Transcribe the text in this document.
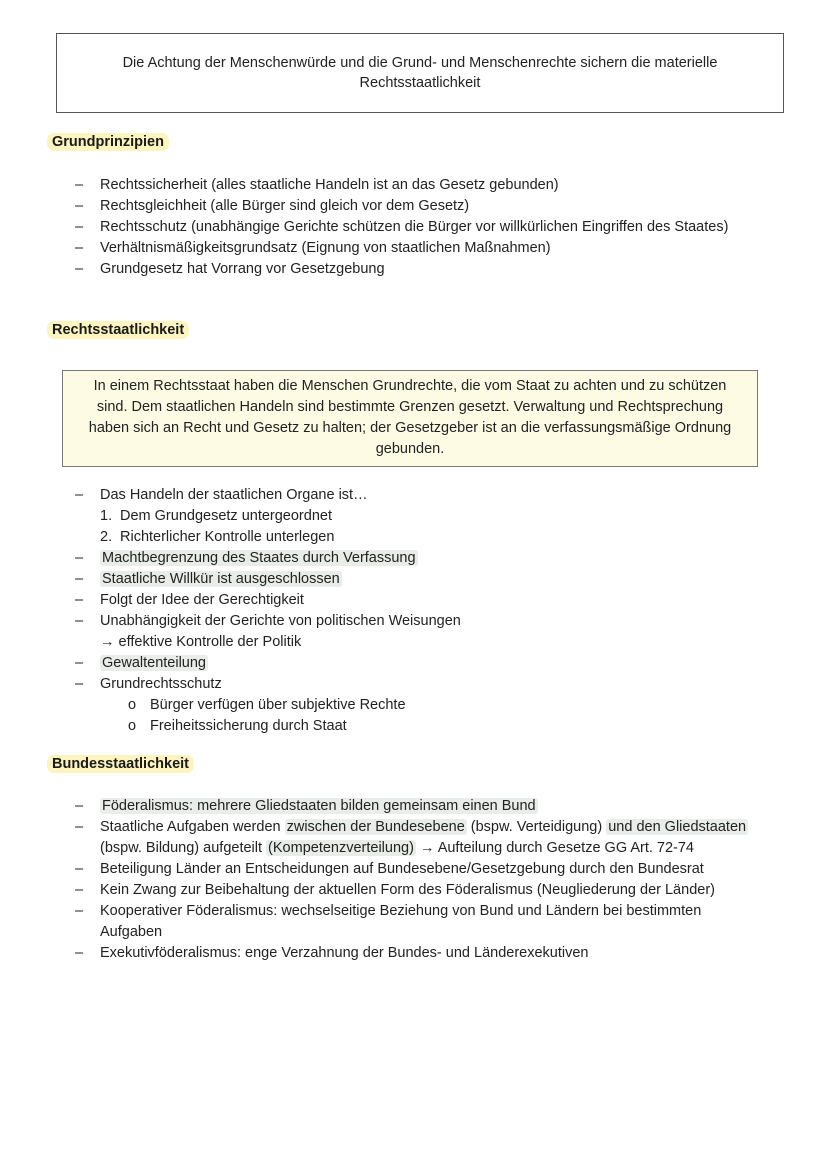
Die Achtung der Menschenwürde und die Grund- und Menschenrechte sichern die materielle
Rechtsstaatlichkeit
Grundprinzipien
– Rechtssicherheit (alles staatliche Handeln ist an das Gesetz gebunden)
– Rechtsgleichheit (alle Bürger sind gleich vor dem Gesetz)
– Rechtsschutz (unabhängige Gerichte schützen die Bürger vor willkürlichen Eingriffen des Staates)
– Verhältnismäßigkeitsgrundsatz (Eignung von staatlichen Maßnahmen)
– Grundgesetz hat Vorrang vor Gesetzgebung
Rechtsstaatlichkeit
In einem Rechtsstaat haben die Menschen Grundrechte, die vom Staat zu achten und zu schützen
sind. Dem staatlichen Handeln sind bestimmte Grenzen gesetzt. Verwaltung und Rechtsprechung
haben sich an Recht und Gesetz zu halten; der Gesetzgeber ist an die verfassungsmäßige Ordnung
gebunden.
– Das Handeln der staatlichen Organe ist…
1. Dem Grundgesetz untergeordnet
2. Richterlicher Kontrolle unterlegen
– Machtbegrenzung des Staates durch Verfassung
– Staatliche Willkür ist ausgeschlossen
– Folgt der Idee der Gerechtigkeit
– Unabhängigkeit der Gerichte von politischen Weisungen
→ effektive Kontrolle der Politik
– Gewaltenteilung
– Grundrechtsschutz
o Bürger verfügen über subjektive Rechte
o Freiheitssicherung durch Staat
Bundesstaatlichkeit
– Föderalismus: mehrere Gliedstaaten bilden gemeinsam einen Bund
– Staatliche Aufgaben werden zwischen der Bundesebene (bspw. Verteidigung) und den Gliedstaaten
(bspw. Bildung) aufgeteilt (Kompetenzverteilung) → Aufteilung durch Gesetze GG Art. 72-74
– Beteiligung Länder an Entscheidungen auf Bundesebene/Gesetzgebung durch den Bundesrat
– Kein Zwang zur Beibehaltung der aktuellen Form des Föderalismus (Neugliederung der Länder)
– Kooperativer Föderalismus: wechselseitige Beziehung von Bund und Ländern bei bestimmten
Aufgaben
– Exekutivföderalismus: enge Verzahnung der Bundes- und Länderexekutiven
